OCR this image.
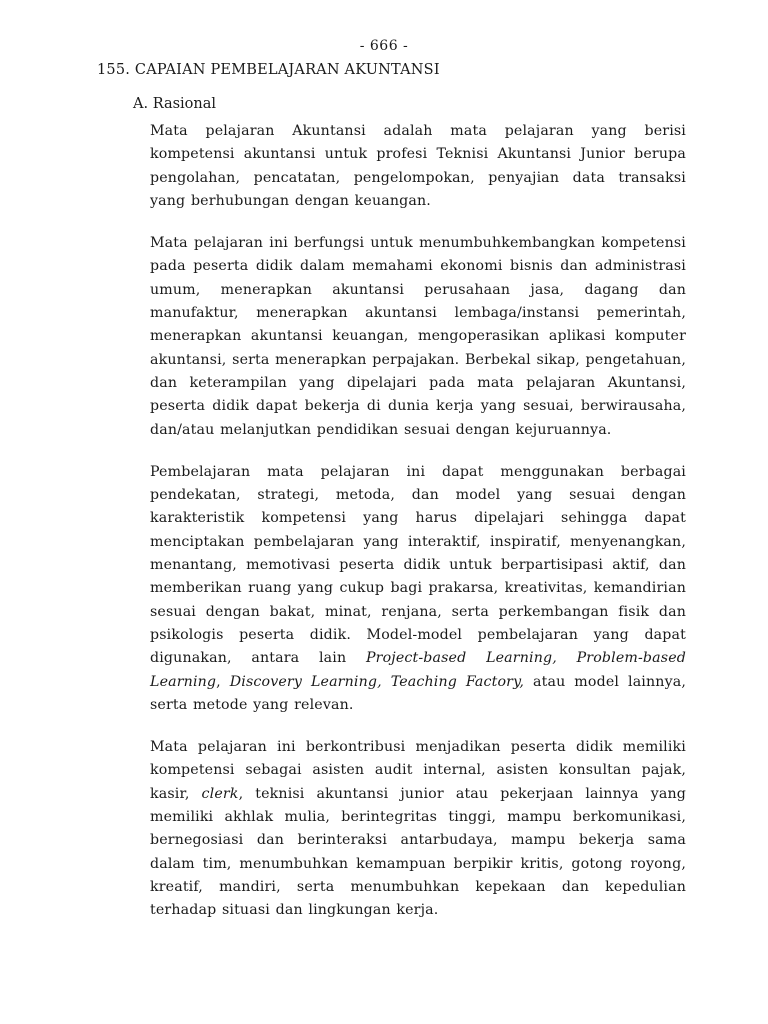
- 666 -
155. CAPAIAN PEMBELAJARAN AKUNTANSI
A. Rasional

Mata pelajaran Akuntansi adalah mata pelajaran yang berisi kompetensi akuntansi untuk profesi Teknisi Akuntansi Junior berupa pengolahan, pencatatan, pengelompokan, penyajian data transaksi yang berhubungan dengan keuangan.

Mata pelajaran ini berfungsi untuk menumbuhkembangkan kompetensi pada peserta didik dalam memahami ekonomi bisnis dan administrasi umum, menerapkan akuntansi perusahaan jasa, dagang dan manufaktur, menerapkan akuntansi lembaga/instansi pemerintah, menerapkan akuntansi keuangan, mengoperasikan aplikasi komputer akuntansi, serta menerapkan perpajakan. Berbekal sikap, pengetahuan, dan keterampilan yang dipelajari pada mata pelajaran Akuntansi, peserta didik dapat bekerja di dunia kerja yang sesuai, berwirausaha, dan/atau melanjutkan pendidikan sesuai dengan kejuruannya.

Pembelajaran mata pelajaran ini dapat menggunakan berbagai pendekatan, strategi, metoda, dan model yang sesuai dengan karakteristik kompetensi yang harus dipelajari sehingga dapat menciptakan pembelajaran yang interaktif, inspiratif, menyenangkan, menantang, memotivasi peserta didik untuk berpartisipasi aktif, dan memberikan ruang yang cukup bagi prakarsa, kreativitas, kemandirian sesuai dengan bakat, minat, renjana, serta perkembangan fisik dan psikologis peserta didik. Model-model pembelajaran yang dapat digunakan, antara lain Project-based Learning, Problem-based Learning, Discovery Learning, Teaching Factory, atau model lainnya, serta metode yang relevan.

Mata pelajaran ini berkontribusi menjadikan peserta didik memiliki kompetensi sebagai asisten audit internal, asisten konsultan pajak, kasir, clerk, teknisi akuntansi junior atau pekerjaan lainnya yang memiliki akhlak mulia, berintegritas tinggi, mampu berkomunikasi, bernegosiasi dan berinteraksi antarbudaya, mampu bekerja sama dalam tim, menumbuhkan kemampuan berpikir kritis, gotong royong, kreatif, mandiri, serta menumbuhkan kepekaan dan kepedulian terhadap situasi dan lingkungan kerja.
